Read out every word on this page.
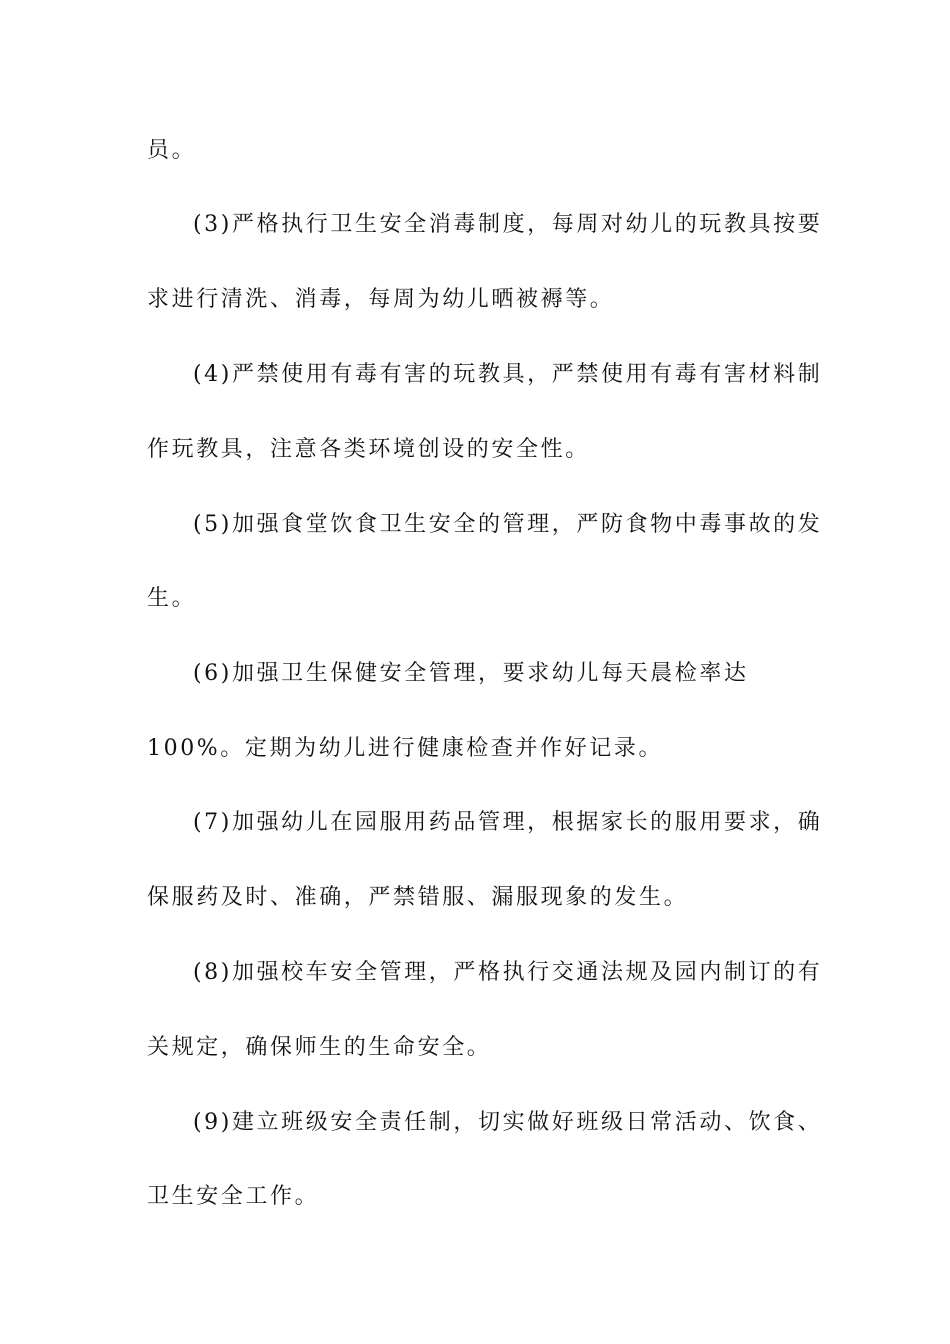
员。

(3)严格执行卫生安全消毒制度，每周对幼儿的玩教具按要

求进行清洗、消毒，每周为幼儿晒被褥等。

(4)严禁使用有毒有害的玩教具，严禁使用有毒有害材料制

作玩教具，注意各类环境创设的安全性。

(5)加强食堂饮食卫生安全的管理，严防食物中毒事故的发

生。

(6)加强卫生保健安全管理，要求幼儿每天晨检率达

100%。定期为幼儿进行健康检查并作好记录。

(7)加强幼儿在园服用药品管理，根据家长的服用要求，确

保服药及时、准确，严禁错服、漏服现象的发生。

(8)加强校车安全管理，严格执行交通法规及园内制订的有

关规定，确保师生的生命安全。

(9)建立班级安全责任制，切实做好班级日常活动、饮食、

卫生安全工作。
